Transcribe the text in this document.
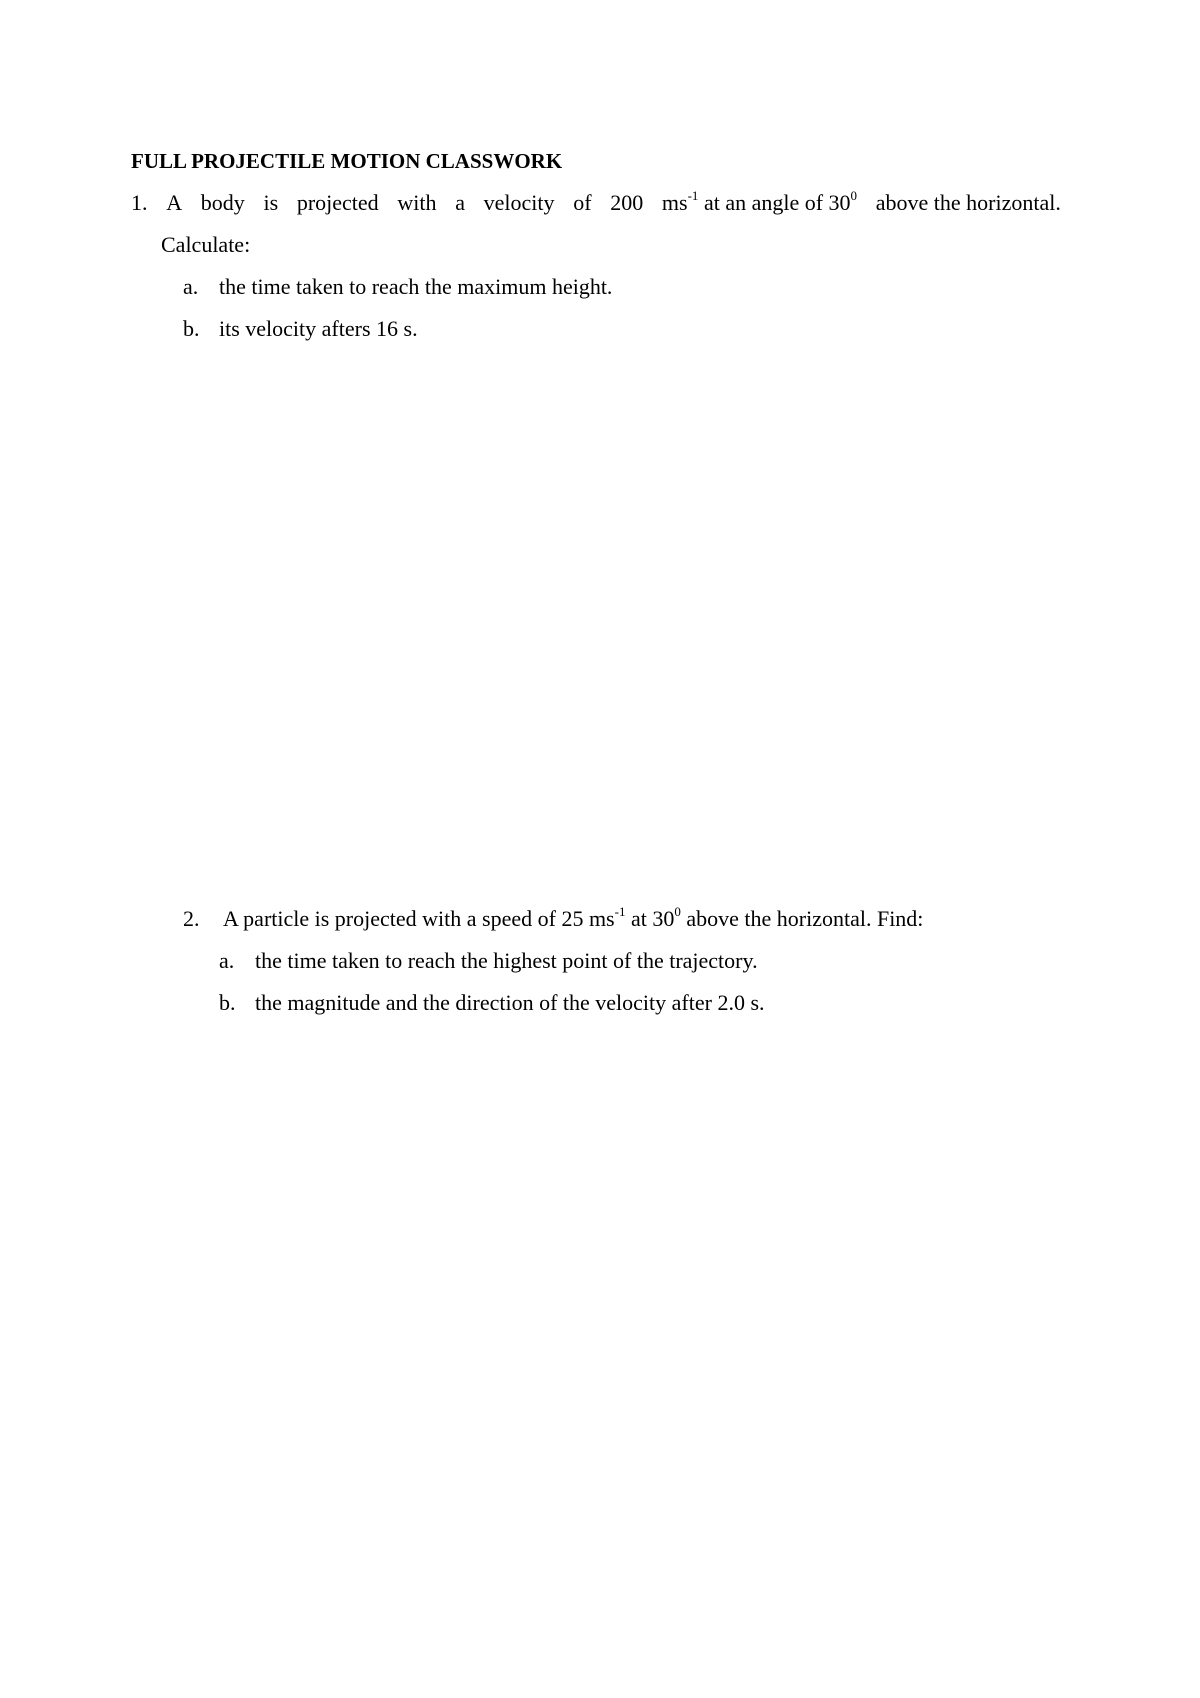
FULL PROJECTILE MOTION CLASSWORK
1. A body is projected with a velocity of 200 $ms^{-1}$ at an angle of $30^0$ above the horizontal.
Calculate:
a. the time taken to reach the maximum height.
b. its velocity afters 16 s.
2. A particle is projected with a speed of 25 $ms^{-1}$ at $30^0$ above the horizontal. Find:
a. the time taken to reach the highest point of the trajectory.
b. the magnitude and the direction of the velocity after 2.0 s.
